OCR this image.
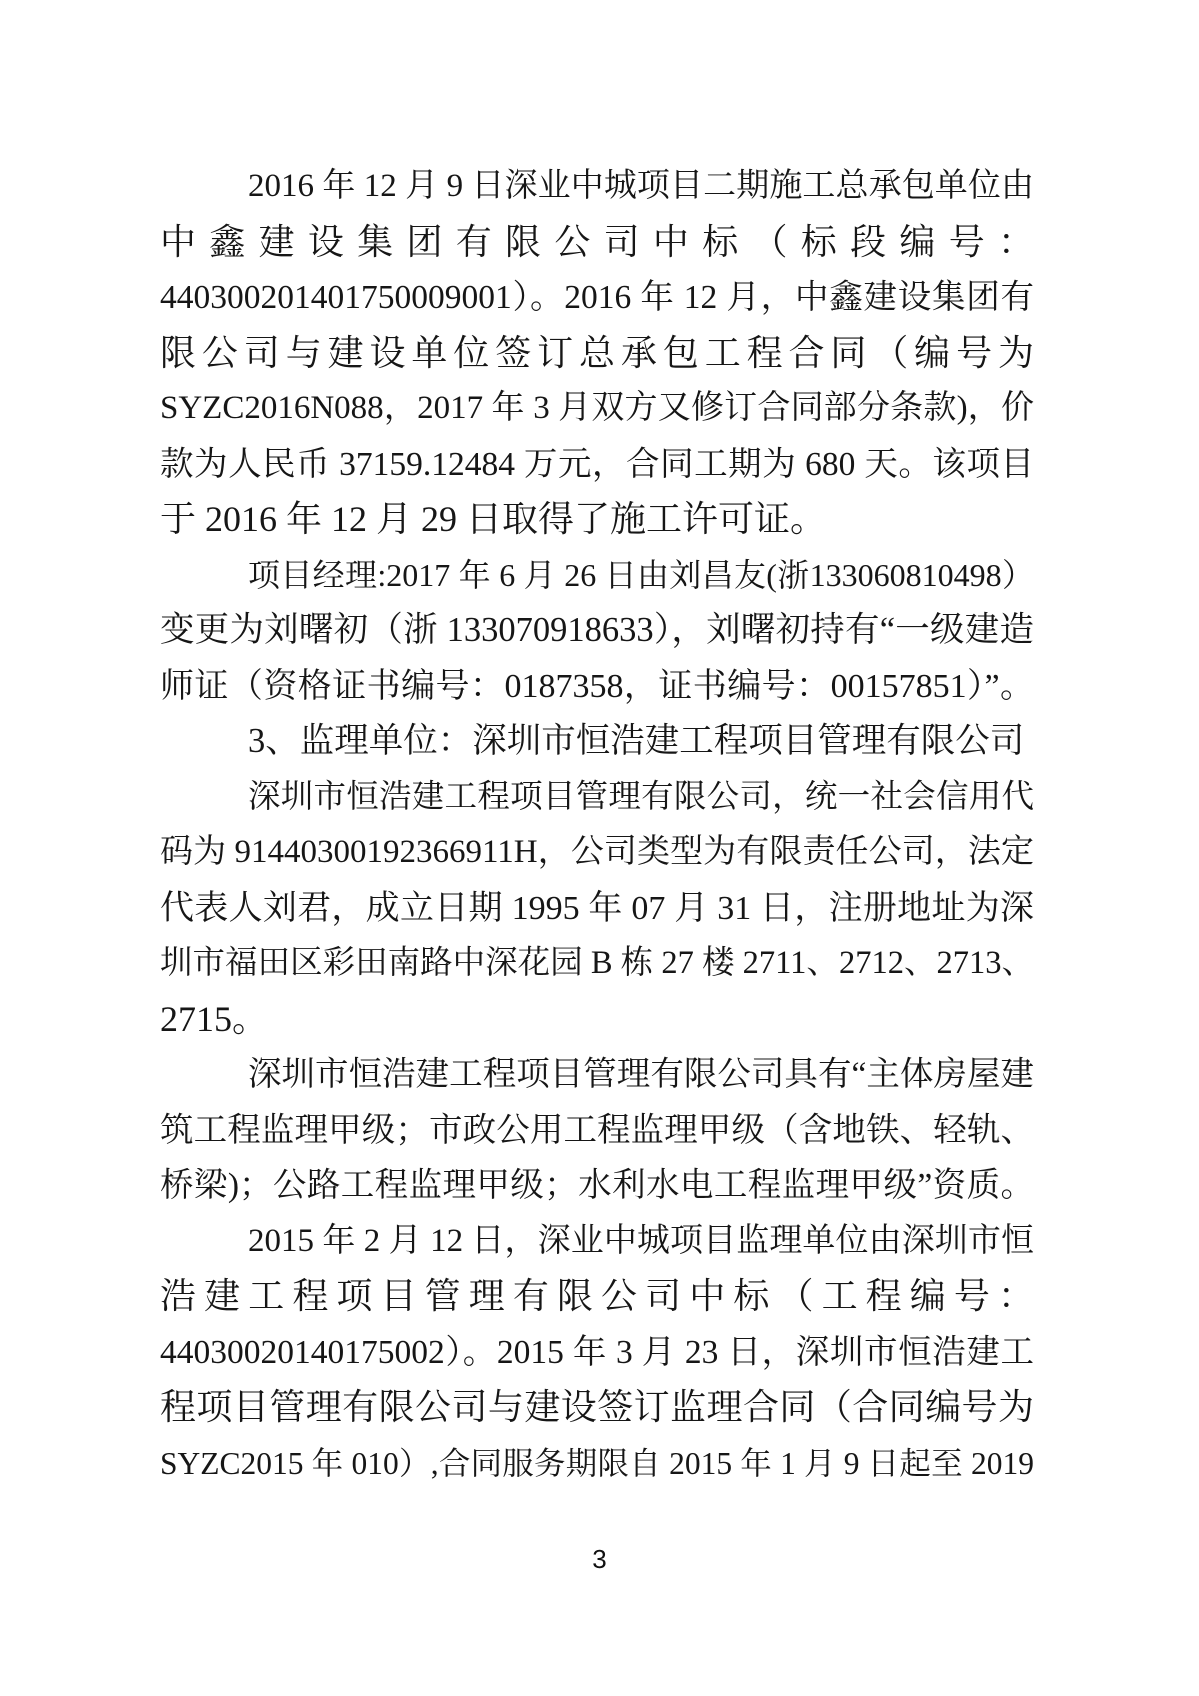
2016 年 12 月 9 日深业中城项目二期施工总承包单位由
中鑫建设集团有限公司中标（标段编号：
440300201401750009001）。2016 年 12 月，中鑫建设集团有
限公司与建设单位签订总承包工程合同（编号为
SYZC2016N088，2017 年 3 月双方又修订合同部分条款)，价
款为人民币 37159.12484 万元，合同工期为 680 天。该项目
于 2016 年 12 月 29 日取得了施工许可证。
项目经理:2017 年 6 月 26 日由刘昌友(浙133060810498）
变更为刘曙初（浙 133070918633），刘曙初持有“一级建造
师证（资格证书编号：0187358，证书编号：00157851）”。
3、监理单位：深圳市恒浩建工程项目管理有限公司
深圳市恒浩建工程项目管理有限公司，统一社会信用代
码为 91440300192366911H，公司类型为有限责任公司，法定
代表人刘君，成立日期 1995 年 07 月 31 日，注册地址为深
圳市福田区彩田南路中深花园 B 栋 27 楼 2711、2712、2713、
2715。
深圳市恒浩建工程项目管理有限公司具有“主体房屋建
筑工程监理甲级；市政公用工程监理甲级（含地铁、轻轨、
桥梁)；公路工程监理甲级；水利水电工程监理甲级”资质。
2015 年 2 月 12 日，深业中城项目监理单位由深圳市恒
浩建工程项目管理有限公司中标（工程编号：
44030020140175002）。2015 年 3 月 23 日，深圳市恒浩建工
程项目管理有限公司与建设签订监理合同（合同编号为
SYZC2015 年 010）,合同服务期限自 2015 年 1 月 9 日起至 2019
3
